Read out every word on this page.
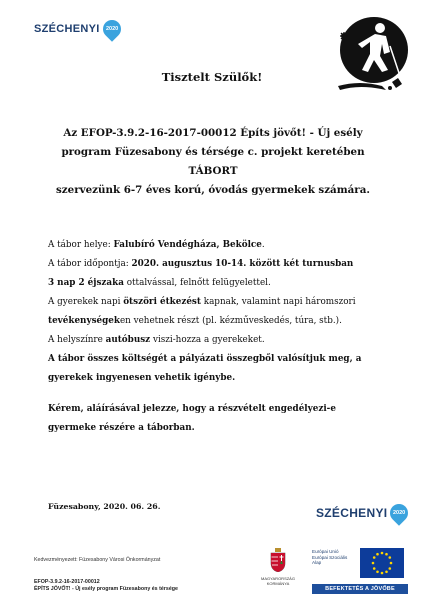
SZÉCHENYI 2020
Tisztelt Szülők!
Az EFOP-3.9.2-16-2017-00012 Építs jövőt! - Új esély
program Füzesabony és térsége c. projekt keretében
TÁBORT
szervezünk 6-7 éves korú, óvodás gyermekek számára.

A tábor helye: Falubíró Vendégháza, Bekölce.

A tábor időpontja: 2020. augusztus 10-14. között két turnusban

3 nap 2 éjszaka ottalvással, felnőtt felügyelettel.

A gyerekek napi ötszöri étkezést kapnak, valamint napi háromszori

tevékenységeken vehetnek részt (pl. kézműveskedés, túra, stb.).

A helyszínre autóbusz viszi-hozza a gyerekeket.

A tábor összes költségét a pályázati összegből valósítjuk meg, a

gyerekek ingyenesen vehetik igénybe.

Kérem, aláírásával jelezze, hogy a részvételt engedélyezi-e

gyermeke részére a táborban.

Füzesabony, 2020. 06. 26.	SZÉCHENYI 2020
Kedvezményezett: Füzesabony Városi Önkormányzat
EFOP-3.9.2-16-2017-00012
ÉPÍTS JÖVŐT! - Új esély program Füzesabony és térsége
MAGYARORSZÁG
KORMÁNYA
Európai Unió
Európai Szociális
Alap
BEFEKTETÉS A JÖVŐBE
